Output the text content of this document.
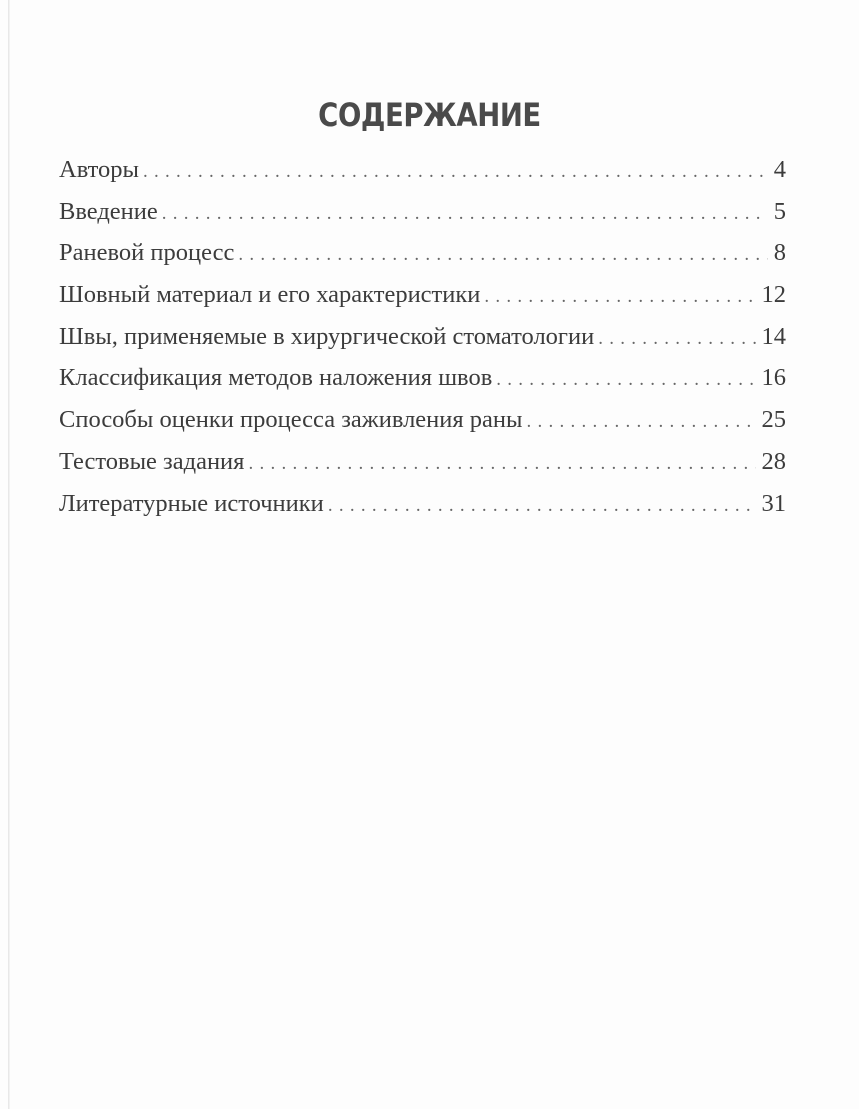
СОДЕРЖАНИЕ
Авторы . . .	4
Введение . . .	5
Раневой процесс . . .	8
Шовный материал и его характеристики . . .	12
Швы, применяемые в хирургической стоматологии . . .	14
Классификация методов наложения швов . . .	16
Способы оценки процесса заживления раны . . .	25
Тестовые задания . . .	28
Литературные источники . . .	31
